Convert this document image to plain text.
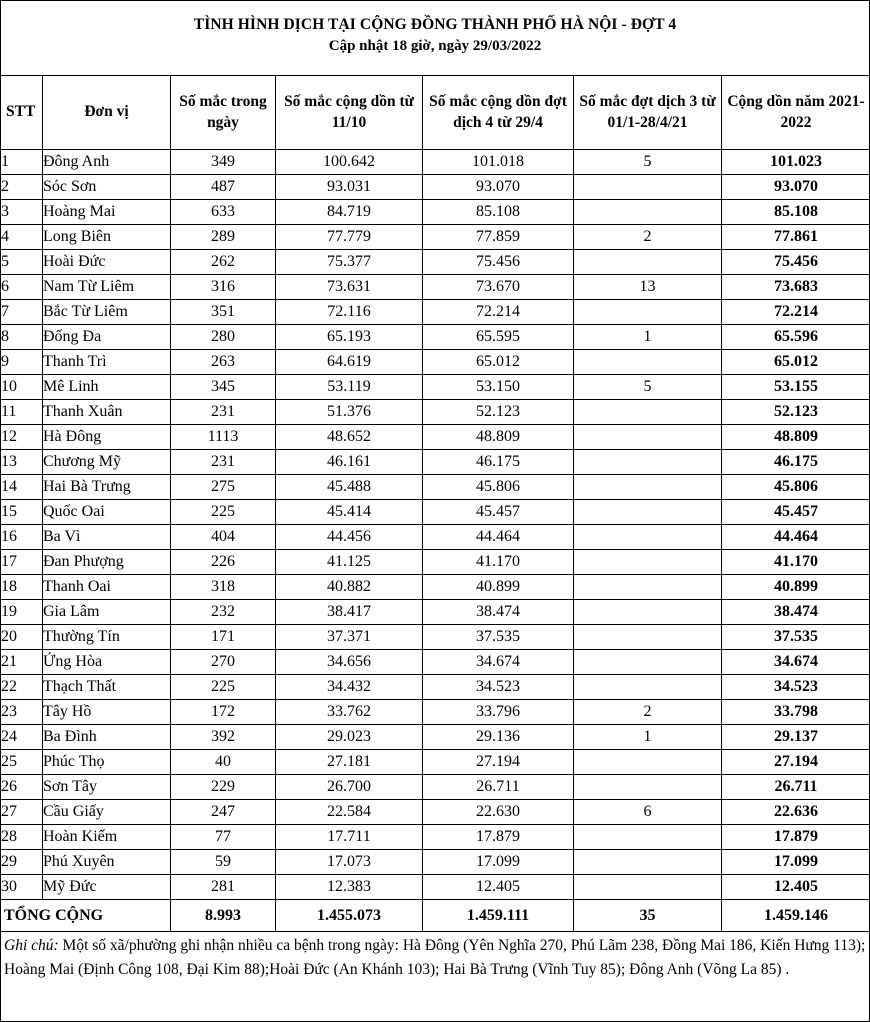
TÌNH HÌNH DỊCH TẠI CỘNG ĐỒNG THÀNH PHỐ HÀ NỘI - ĐỢT 4
Cập nhật 18 giờ, ngày 29/03/2022
STT	Đơn vị	Số mắc trong ngày	Số mắc cộng dồn từ 11/10	Số mắc cộng dồn đợt dịch 4 từ 29/4	Số mắc đợt dịch 3 từ 01/1-28/4/21	Cộng dồn năm 2021-2022
1	Đông Anh	349	100.642	101.018	5	101.023
2	Sóc Sơn	487	93.031	93.070		93.070
3	Hoàng Mai	633	84.719	85.108		85.108
4	Long Biên	289	77.779	77.859	2	77.861
5	Hoài Đức	262	75.377	75.456		75.456
6	Nam Từ Liêm	316	73.631	73.670	13	73.683
7	Bắc Từ Liêm	351	72.116	72.214		72.214
8	Đống Đa	280	65.193	65.595	1	65.596
9	Thanh Trì	263	64.619	65.012		65.012
10	Mê Linh	345	53.119	53.150	5	53.155
11	Thanh Xuân	231	51.376	52.123		52.123
12	Hà Đông	1113	48.652	48.809		48.809
13	Chương Mỹ	231	46.161	46.175		46.175
14	Hai Bà Trưng	275	45.488	45.806		45.806
15	Quốc Oai	225	45.414	45.457		45.457
16	Ba Vì	404	44.456	44.464		44.464
17	Đan Phượng	226	41.125	41.170		41.170
18	Thanh Oai	318	40.882	40.899		40.899
19	Gia Lâm	232	38.417	38.474		38.474
20	Thường Tín	171	37.371	37.535		37.535
21	Ứng Hòa	270	34.656	34.674		34.674
22	Thạch Thất	225	34.432	34.523		34.523
23	Tây Hồ	172	33.762	33.796	2	33.798
24	Ba Đình	392	29.023	29.136	1	29.137
25	Phúc Thọ	40	27.181	27.194		27.194
26	Sơn Tây	229	26.700	26.711		26.711
27	Cầu Giấy	247	22.584	22.630	6	22.636
28	Hoàn Kiếm	77	17.711	17.879		17.879
29	Phú Xuyên	59	17.073	17.099		17.099
30	Mỹ Đức	281	12.383	12.405		12.405
TỔNG CỘNG		8.993	1.455.073	1.459.111	35	1.459.146
Ghi chú: Một số xã/phường ghi nhận nhiều ca bệnh trong ngày: Hà Đông (Yên Nghĩa 270, Phú Lãm 238, Đồng Mai 186, Kiến Hưng 113); Hoàng Mai (Định Công 108, Đại Kim 88);Hoài Đức (An Khánh 103); Hai Bà Trưng (Vĩnh Tuy 85); Đông Anh (Võng La 85) .
